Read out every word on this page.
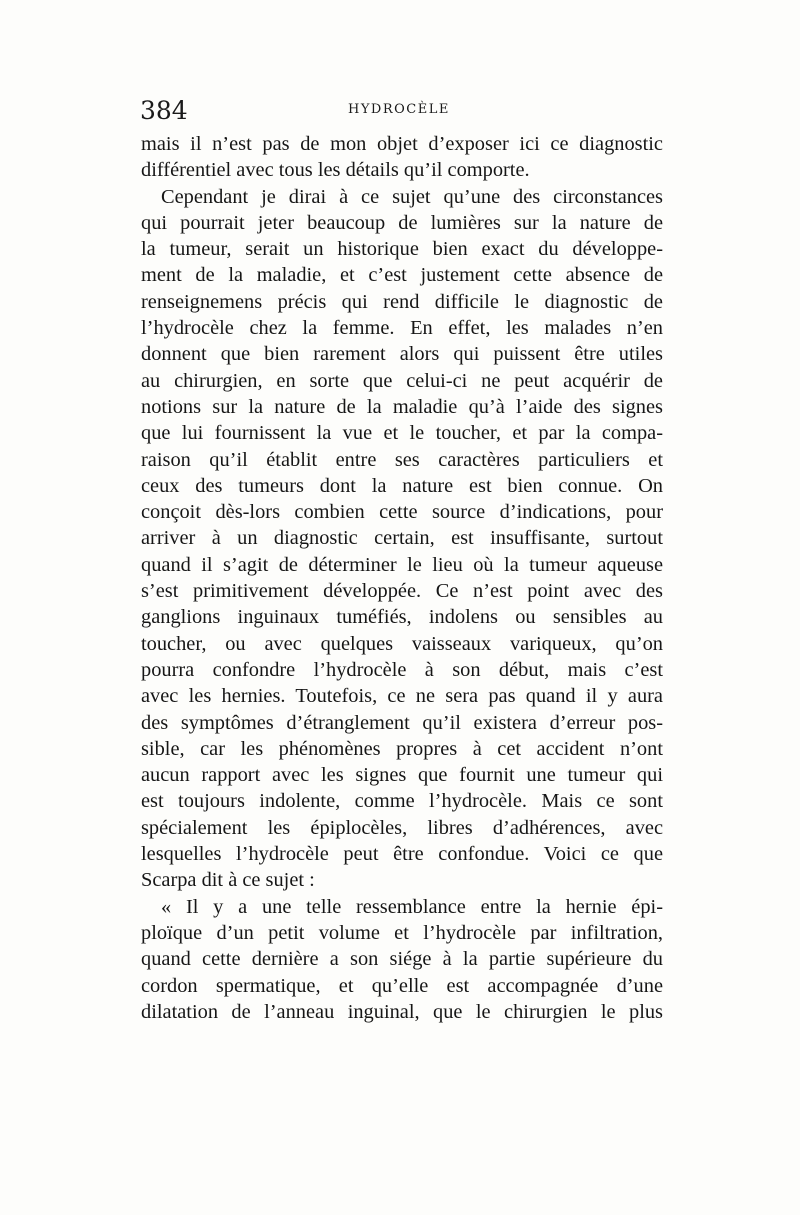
384	HYDROCÈLE
mais il n’est pas de mon objet d’exposer ici ce diagnostic
différentiel avec tous les détails qu’il comporte.
Cependant je dirai à ce sujet qu’une des circonstances
qui pourrait jeter beaucoup de lumières sur la nature de
la tumeur, serait un historique bien exact du développe-
ment de la maladie, et c’est justement cette absence de
renseignemens précis qui rend difficile le diagnostic de
l’hydrocèle chez la femme. En effet, les malades n’en
donnent que bien rarement alors qui puissent être utiles
au chirurgien, en sorte que celui-ci ne peut acquérir de
notions sur la nature de la maladie qu’à l’aide des signes
que lui fournissent la vue et le toucher, et par la compa-
raison qu’il établit entre ses caractères particuliers et
ceux des tumeurs dont la nature est bien connue. On
conçoit dès-lors combien cette source d’indications, pour
arriver à un diagnostic certain, est insuffisante, surtout
quand il s’agit de déterminer le lieu où la tumeur aqueuse
s’est primitivement développée. Ce n’est point avec des
ganglions inguinaux tuméfiés, indolens ou sensibles au
toucher, ou avec quelques vaisseaux variqueux, qu’on
pourra confondre l’hydrocèle à son début, mais c’est
avec les hernies. Toutefois, ce ne sera pas quand il y aura
des symptômes d’étranglement qu’il existera d’erreur pos-
sible, car les phénomènes propres à cet accident n’ont
aucun rapport avec les signes que fournit une tumeur qui
est toujours indolente, comme l’hydrocèle. Mais ce sont
spécialement les épiplocèles, libres d’adhérences, avec
lesquelles l’hydrocèle peut être confondue. Voici ce que
Scarpa dit à ce sujet :
« Il y a une telle ressemblance entre la hernie épi-
ploïque d’un petit volume et l’hydrocèle par infiltration,
quand cette dernière a son siége à la partie supérieure du
cordon spermatique, et qu’elle est accompagnée d’une
dilatation de l’anneau inguinal, que le chirurgien le plus
